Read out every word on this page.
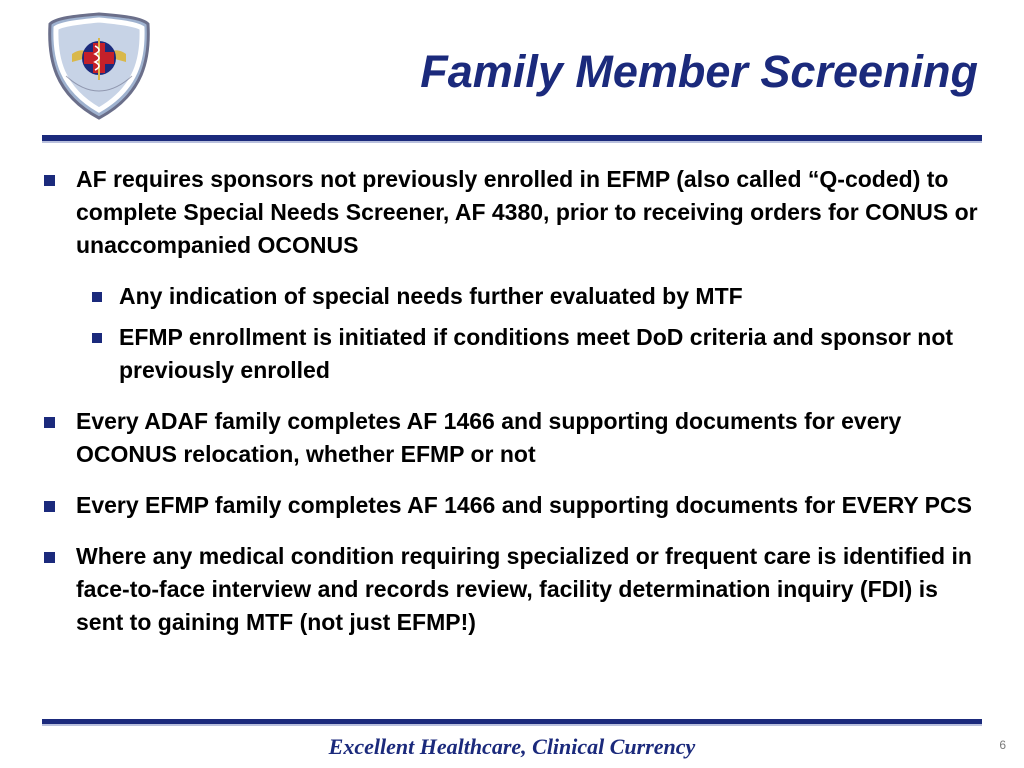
Family Member Screening
AF requires sponsors not previously enrolled in EFMP (also called “Q-coded) to complete Special Needs Screener, AF 4380, prior to receiving orders for CONUS or unaccompanied OCONUS
Any indication of special needs further evaluated by MTF
EFMP enrollment is initiated if conditions meet DoD criteria and sponsor not previously enrolled
Every ADAF family completes AF 1466 and supporting documents for every OCONUS relocation, whether EFMP or not
Every EFMP family completes AF 1466 and supporting documents for EVERY PCS
Where any medical condition requiring specialized or frequent care is identified in face-to-face interview and records review, facility determination inquiry (FDI) is sent to gaining MTF (not just EFMP!)
Excellent Healthcare, Clinical Currency	6
